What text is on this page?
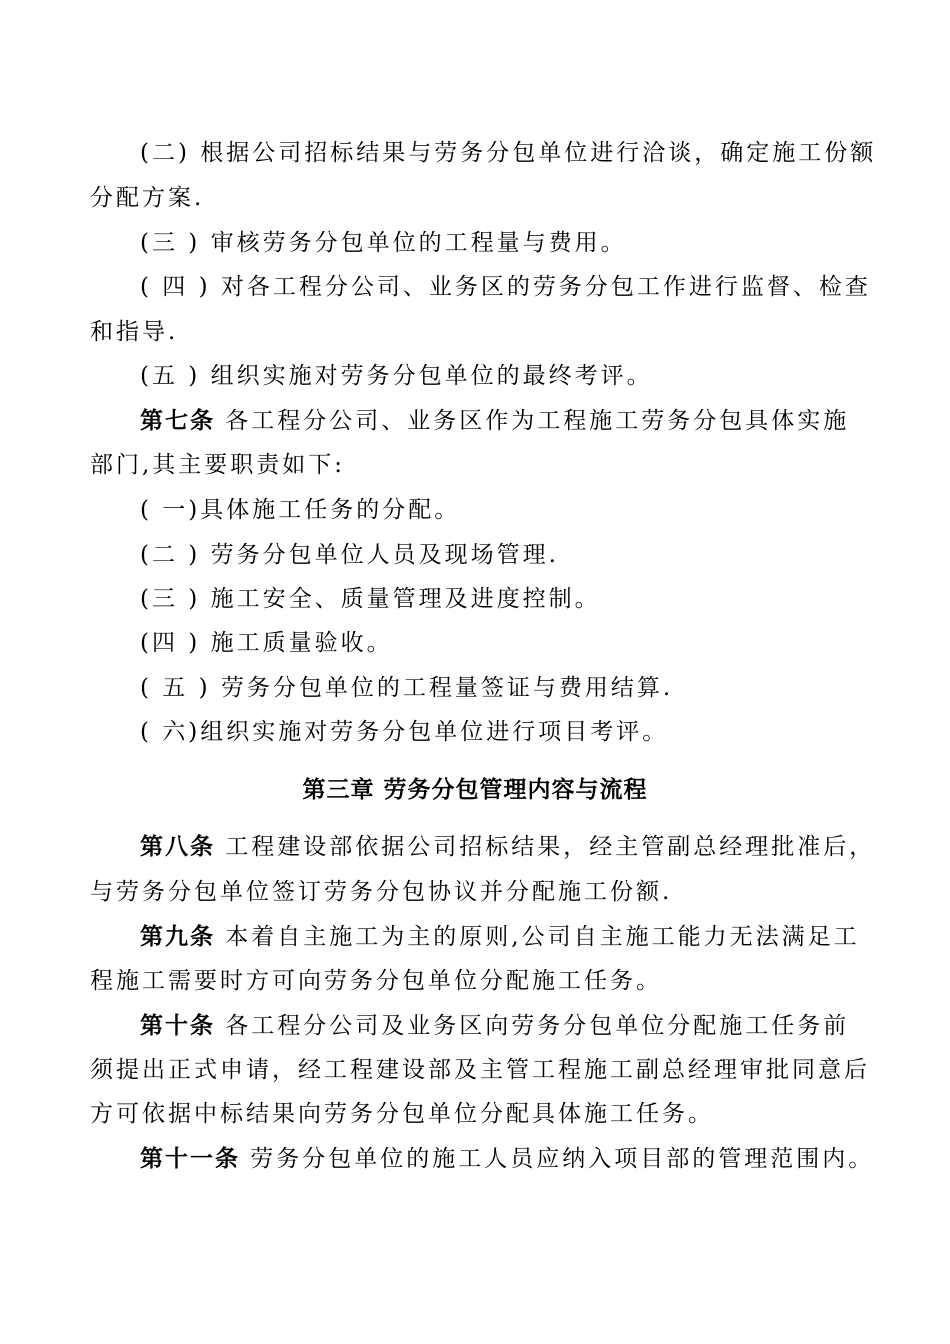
(二) 根据公司招标结果与劳务分包单位进行洽谈，确定施工份额
分配方案.
(三 ) 审核劳务分包单位的工程量与费用。
( 四 ) 对各工程分公司、业务区的劳务分包工作进行监督、检查
和指导.
(五 ) 组织实施对劳务分包单位的最终考评。
第七条 各工程分公司、业务区作为工程施工劳务分包具体实施
部门,其主要职责如下:
( 一)具体施工任务的分配。
(二 ) 劳务分包单位人员及现场管理.
(三 ) 施工安全、质量管理及进度控制。
(四 ) 施工质量验收。
( 五 ) 劳务分包单位的工程量签证与费用结算.
( 六)组织实施对劳务分包单位进行项目考评。
第三章 劳务分包管理内容与流程
第八条 工程建设部依据公司招标结果，经主管副总经理批准后，
与劳务分包单位签订劳务分包协议并分配施工份额.
第九条 本着自主施工为主的原则,公司自主施工能力无法满足工
程施工需要时方可向劳务分包单位分配施工任务。
第十条 各工程分公司及业务区向劳务分包单位分配施工任务前
须提出正式申请，经工程建设部及主管工程施工副总经理审批同意后
方可依据中标结果向劳务分包单位分配具体施工任务。
第十一条 劳务分包单位的施工人员应纳入项目部的管理范围内。
